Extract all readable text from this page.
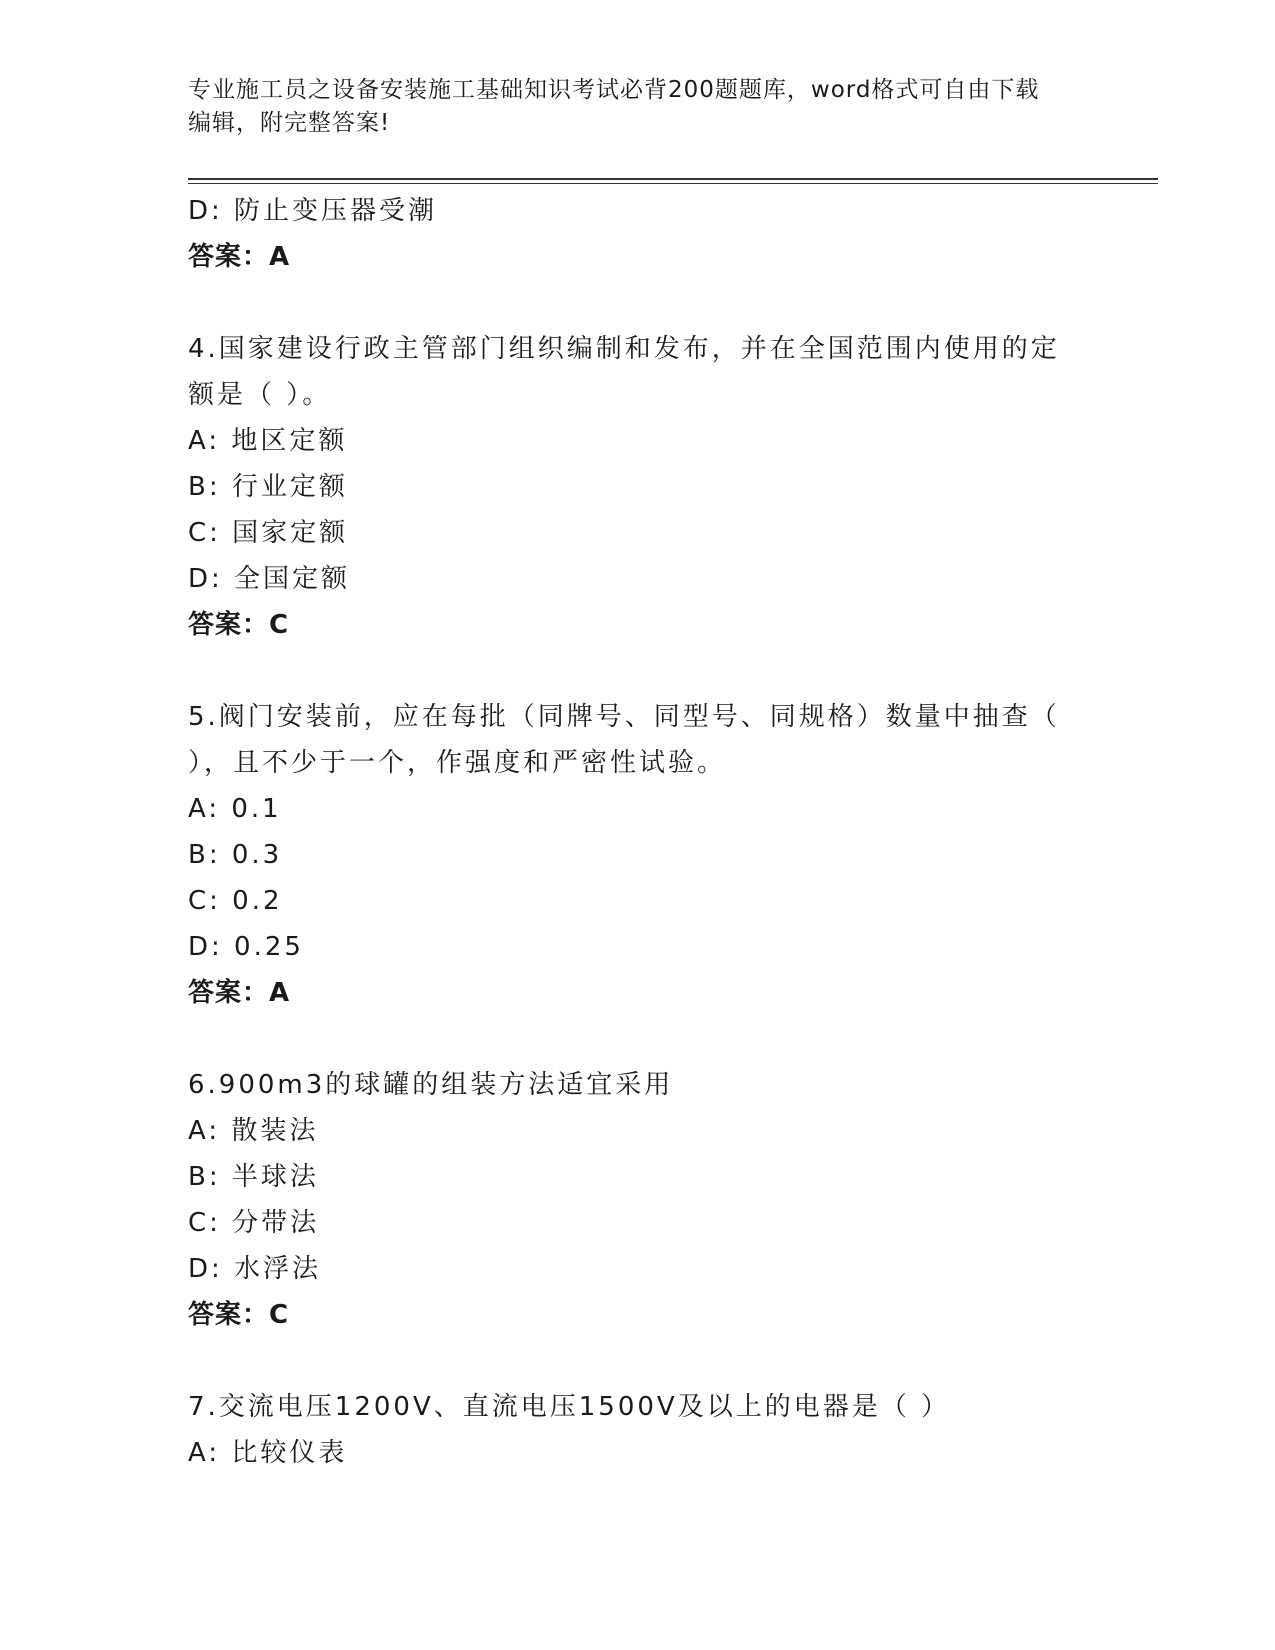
专业施工员之设备安装施工基础知识考试必背200题题库，word格式可自由下载
编辑，附完整答案!
D: 防止变压器受潮
答案：A
4.国家建设行政主管部门组织编制和发布，并在全国范围内使用的定
额是（ ）。
A: 地区定额
B: 行业定额
C: 国家定额
D: 全国定额
答案：C
5.阀门安装前，应在每批（同牌号、同型号、同规格）数量中抽查（
），且不少于一个，作强度和严密性试验。
A: 0.1
B: 0.3
C: 0.2
D: 0.25
答案：A
6.900m3的球罐的组装方法适宜采用
A: 散装法
B: 半球法
C: 分带法
D: 水浮法
答案：C
7.交流电压1200V、直流电压1500V及以上的电器是（ ）
A: 比较仪表
